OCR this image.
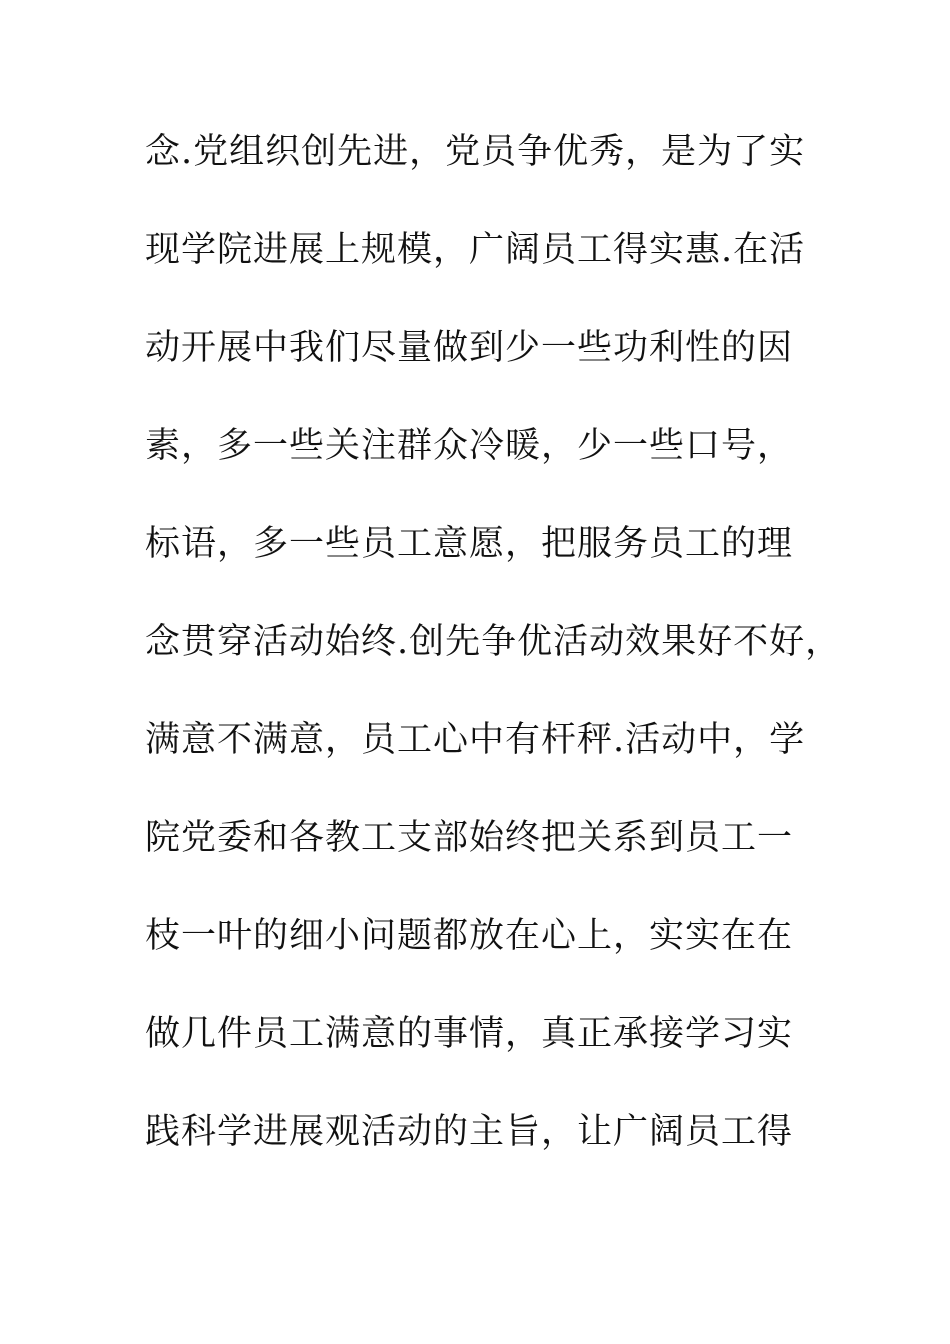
念.党组织创先进，党员争优秀，是为了实
现学院进展上规模，广阔员工得实惠.在活
动开展中我们尽量做到少一些功利性的因
素，多一些关注群众冷暖，少一些口号，
标语，多一些员工意愿，把服务员工的理
念贯穿活动始终.创先争优活动效果好不好，
满意不满意，员工心中有杆秤.活动中，学
院党委和各教工支部始终把关系到员工一
枝一叶的细小问题都放在心上，实实在在
做几件员工满意的事情，真正承接学习实
践科学进展观活动的主旨，让广阔员工得
